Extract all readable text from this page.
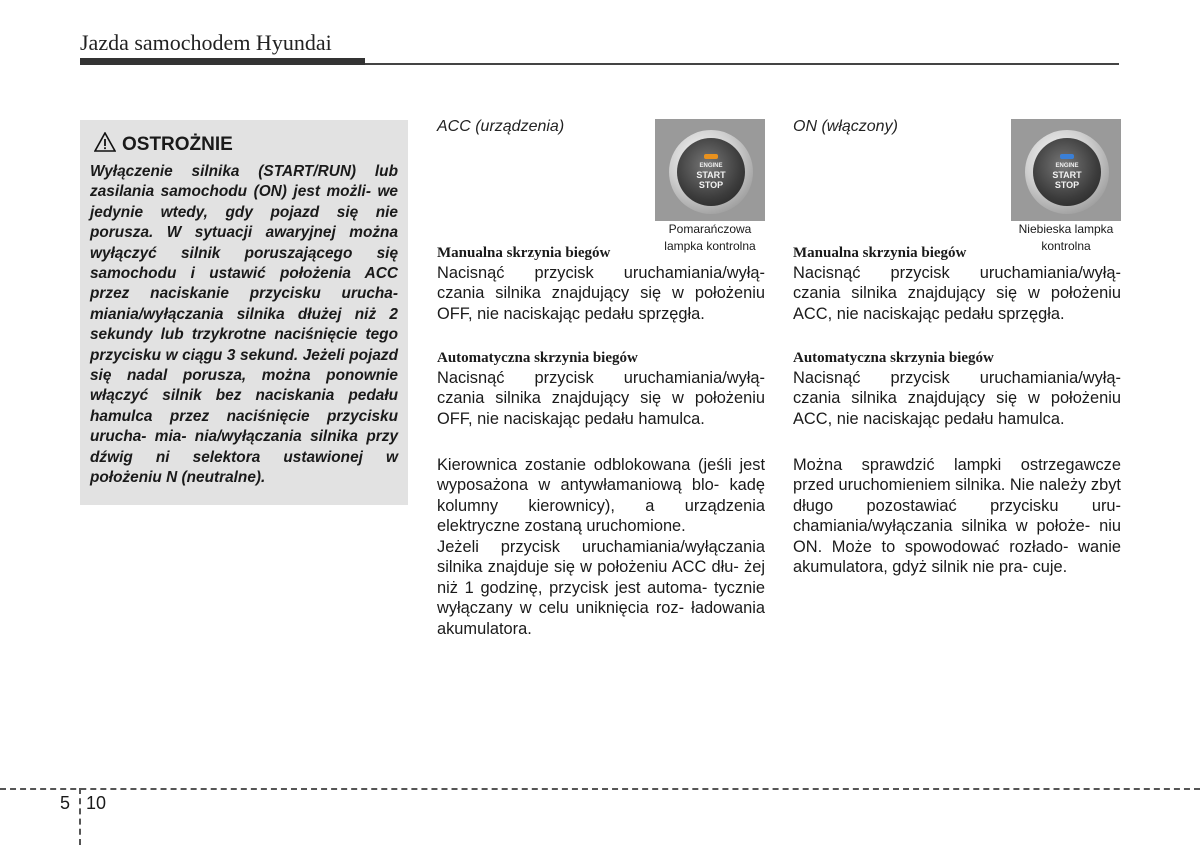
Jazda samochodem Hyundai
OSTROŻNIE

Wyłączenie silnika (START/RUN) lub zasilania samochodu (ON) jest możli- we jedynie wtedy, gdy pojazd się nie porusza. W sytuacji awaryjnej można wyłączyć silnik poruszającego się samochodu i ustawić położenia ACC przez naciskanie przycisku urucha- miania/wyłączania silnika dłużej niż 2 sekundy lub trzykrotne naciśnięcie tego przycisku w ciągu 3 sekund. Jeżeli pojazd się nadal porusza, można ponownie włączyć silnik bez naciskania pedału hamulca przez naciśnięcie przycisku urucha- mia- nia/wyłączania silnika przy dźwig ni selektora ustawionej w położeniu N (neutralne).

ACC (urządzenia)
ENGINE
START
STOP
Pomarańczowa lampka kontrolna

Manualna skrzynia biegów

Nacisnąć przycisk uruchamiania/wyłą- czania silnika znajdujący się w położeniu OFF, nie naciskając pedału sprzęgła.

Automatyczna skrzynia biegów

Nacisnąć przycisk uruchamiania/wyłą- czania silnika znajdujący się w położeniu OFF, nie naciskając pedału hamulca.

Kierownica zostanie odblokowana (jeśli jest wyposażona w antywłamaniową blo- kadę kolumny kierownicy), a urządzenia elektryczne zostaną uruchomione.

Jeżeli przycisk uruchamiania/wyłączania silnika znajduje się w położeniu ACC dłu- żej niż 1 godzinę, przycisk jest automa- tycznie wyłączany w celu uniknięcia roz- ładowania akumulatora.

ON (włączony)
ENGINE
START
STOP
Niebieska lampka kontrolna

Manualna skrzynia biegów

Nacisnąć przycisk uruchamiania/wyłą- czania silnika znajdujący się w położeniu ACC, nie naciskając pedału sprzęgła.

Automatyczna skrzynia biegów

Nacisnąć przycisk uruchamiania/wyłą- czania silnika znajdujący się w położeniu ACC, nie naciskając pedału hamulca.

Można sprawdzić lampki ostrzegawcze przed uruchomieniem silnika. Nie należy zbyt długo pozostawiać przycisku uru- chamiania/wyłączania silnika w położe- niu ON. Może to spowodować rozłado- wanie akumulatora, gdyż silnik nie pra- cuje.

5 10
